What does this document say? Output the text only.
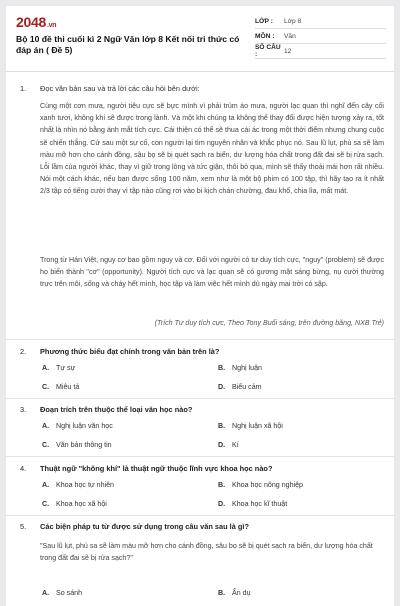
2048.vn
Bộ 10 đề thi cuối kì 2 Ngữ Văn lớp 8 Kết nối tri thức có đáp án ( Đề 5)
LỚP :	Lớp 8
MÔN :	Văn
SỐ CÂU :	12
1. Đọc văn bản sau và trả lời các câu hỏi bên dưới:
Cùng một cơn mưa, người tiêu cực sẽ bực mình vì phải trùm áo mưa, người lạc quan thì nghĩ đến cây cối xanh tươi, không khí sẽ được trong lành. Và một khi chúng ta không thể thay đổi được hiện tượng xảy ra, tốt nhất là nhìn nó bằng ánh mắt tích cực. Cái thiện có thể sẽ thua cái ác trong một thời điểm nhưng chung cuộc sẽ chiến thắng. Cứ sau một sự cố, con người lại tìm nguyên nhân và khắc phục nó. Sau lũ lụt, phù sa sẽ làm màu mỡ hơn cho cánh đồng, sâu bọ sẽ bị quét sạch ra biển, dư lượng hóa chất trong đất đai sẽ bị rửa sạch. Lỗi lầm của người khác, thay vì giữ trong lòng và tức giận, thôi bỏ qua, mình sẽ thấy thoải mái hơn rất nhiều. Nói một cách khác, nếu bạn được sống 100 năm, xem như là một bộ phim có 100 tập, thì hãy tạo ra ít nhất 2/3 tập có tiếng cười thay vì tập nào cũng rơi vào bi kịch chán chường, đau khổ, chia lìa, mất mát.
Trong từ Hán Việt, nguy cơ bao gồm nguy và cơ. Đối với người có tư duy tích cực, "nguy" (problem) sẽ được họ biến thành "cơ" (opportunity). Người tích cực và lạc quan sẽ có gương mặt sáng bừng, nụ cười thường trực trên môi, sống và cháy hết mình, học tập và làm việc hết mình dù ngày mai trời có sập.
(Trích Tư duy tích cực, Theo Tony Buổi sáng, trên đường băng, NXB Trẻ)
2. Phương thức biểu đạt chính trong văn bản trên là?
A. Tự sự	B. Nghị luận
C. Miêu tả	D. Biểu cảm
3. Đoạn trích trên thuộc thể loại văn học nào?
A. Nghị luận văn học	B. Nghị luận xã hội
C. Văn bản thông tin	D. Kí
4. Thuật ngữ "không khí" là thuật ngữ thuộc lĩnh vực khoa học nào?
A. Khoa học tự nhiên	B. Khoa học nông nghiệp
C. Khoa học xã hội	D. Khoa học kĩ thuật
5. Các biện pháp tu từ được sử dụng trong câu văn sau là gì?
"Sau lũ lụt, phù sa sẽ làm màu mỡ hơn cho cánh đồng, sâu bọ sẽ bị quét sạch ra biển, dư lượng hóa chất trong đất đai sẽ bị rửa sạch?"
A. So sánh	B. Ẩn dụ
